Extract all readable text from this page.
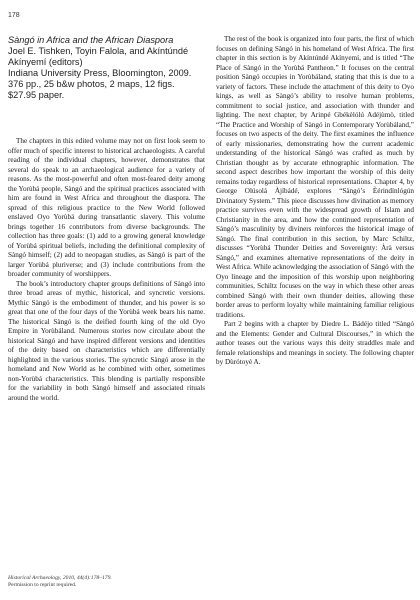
178

Sàngó in Africa and the African Diaspora

Joel E. Tishken, Toyin Falola, and Akíntúndé Akínyemí (editors)

Indiana University Press, Bloomington, 2009. 376 pp., 25 b&w photos, 2 maps, 12 figs. $27.95 paper.

The chapters in this edited volume may not on first look seem to offer much of specific interest to historical archaeologists. A careful reading of the individual chapters, however, demonstrates that several do speak to an archaeological audience for a variety of reasons. As the most-powerful and often most-feared deity among the Yorùbá people, Sàngó and the spiritual practices associated with him are found in West Africa and throughout the diaspora. The spread of this religious practice to the New World followed enslaved Oyo Yorùbá during transatlantic slavery. This volume brings together 16 contributors from diverse backgrounds. The collection has three goals: (1) add to a growing general knowledge of Yorùbá spiritual beliefs, including the definitional complexity of Sàngó himself; (2) add to neopagan studies, as Sàngó is part of the larger Yorùbá pluriverse; and (3) include contributions from the broader community of worshippers.

The book’s introductory chapter groups definitions of Sàngó into three broad areas of mythic, historical, and syncretic versions. Mythic Sàngó is the embodiment of thunder, and his power is so great that one of the four days of the Yorùbá week bears his name. The historical Sàngó is the deified fourth king of the old Oyo Empire in Yorùbáland. Numerous stories now circulate about the historical Sàngó and have inspired different versions and identities of the deity based on characteristics which are differentially highlighted in the various stories. The syncretic Sàngó arose in the homeland and New World as he combined with other, sometimes non-Yorùbá characteristics. This blending is partially responsible for the variability in both Sàngó himself and associated rituals around the world.

The rest of the book is organized into four parts, the first of which focuses on defining Sàngó in his homeland of West Africa. The first chapter in this section is by Akíntúndé Akínyemí, and is titled “The Place of Sàngó in the Yorùbá Pantheon.” It focuses on the central position Sàngó occupies in Yorùbáland, stating that this is due to a variety of factors. These include the attachment of this deity to Oyo kings, as well as Sàngó’s ability to resolve human problems, commitment to social justice, and association with thunder and lighting. The next chapter, by Arinpé Gbékèlólú Adéjùmò, titled “The Practice and Worship of Sàngó in Contemporary Yorùbáland,” focuses on two aspects of the deity. The first examines the influence of early missionaries, demonstrating how the current academic understanding of the historical Sàngó was crafted as much by Christian thought as by accurate ethnographic information. The second aspect describes how important the worship of this deity remains today regardless of historical representations. Chapter 4, by George Olúsolá Àjíbádé, explores “Sàngó’s Èérindínlógún Divinatory System.” This piece discusses how divination as memory practice survives even with the widespread growth of Islam and Christianity in the area, and how the continued representation of Sàngó’s masculinity by diviners reinforces the historical image of Sàngó. The final contribution in this section, by Marc Schiltz, discusses “Yorùbá Thunder Deities and Sovereignty: Àrà versus Sàngó,” and examines alternative representations of the deity in West Africa. While acknowledging the association of Sàngó with the Oyo lineage and the imposition of this worship upon neighboring communities, Schiltz focuses on the way in which these other areas combined Sàngó with their own thunder deities, allowing these border areas to perform loyalty while maintaining familiar religious traditions.

Part 2 begins with a chapter by Diedre L. Bádéjo titled “Sàngó and the Elements: Gender and Cultural Discourses,” in which the author teases out the various ways this deity straddles male and female relationships and meanings in society. The following chapter by Dùrótoyè A.

Historical Archaeology, 2010, 44(4):178–179.
Permission to reprint required.
